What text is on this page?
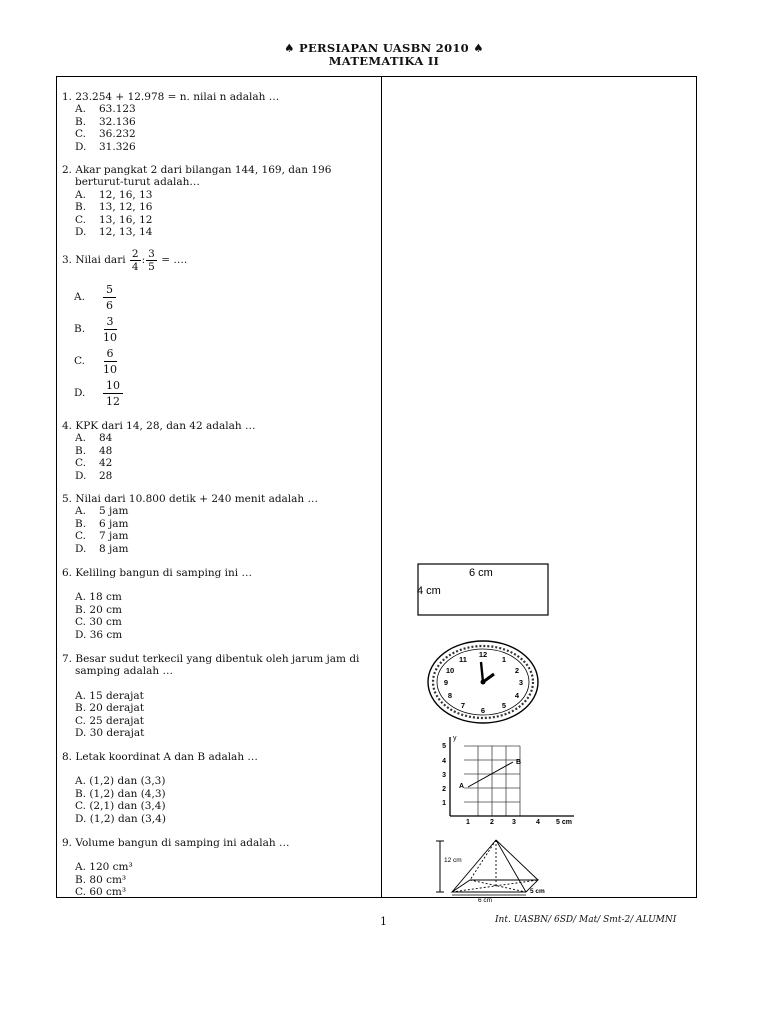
♠ PERSIAPAN UASBN 2010 ♠
MATEMATIKA II
1. 23.254 + 12.978 = n. nilai n adalah …
A.	63.123
B.	32.136
C.	36.232
D.	31.326
2. Akar pangkat 2 dari bilangan 144, 169, dan 196
berturut-turut adalah…
A.	12, 16, 13
B.	13, 12, 16
C.	13, 16, 12
D.	12, 13, 14
3. Nilai dari
$\frac{2}{4}$ : $\frac{3}{5}$
= ….
A.	$\frac{5}{6}$
B.	$\frac{3}{10}$
C.	$\frac{6}{10}$
D.	$\frac{10}{12}$
4. KPK dari 14, 28, dan 42 adalah …
A.	84
B.	48
C.	42
D.	28
5. Nilai dari 10.800 detik + 240 menit adalah …
A.	5 jam
B.	6 jam
C.	7 jam
D.	8 jam
6. Keliling bangun di samping ini …
A. 18 cm
B. 20 cm
C. 30 cm
D. 36 cm
7. Besar sudut terkecil yang dibentuk oleh jarum jam di
samping adalah …
A. 15 derajat
B. 20 derajat
C. 25 derajat
D. 30 derajat
8. Letak koordinat A dan B adalah …
A. (1,2) dan (3,3)
B. (1,2) dan (4,3)
C. (2,1) dan (3,4)
D. (1,2) dan (3,4)
9. Volume bangun di samping ini adalah …
A. 120 cm³
B. 80 cm³
C. 60 cm³
6 cm
4 cm
12
11	1
10	2
9	3
8	4
7
6
5
y
1
2
3
4
5
1	2	3	4 5 cm
A
B
12 cm
6 cm
5 cm
1	Int. UASBN/ 6SD/ Mat/ Smt-2/ ALUMNI
